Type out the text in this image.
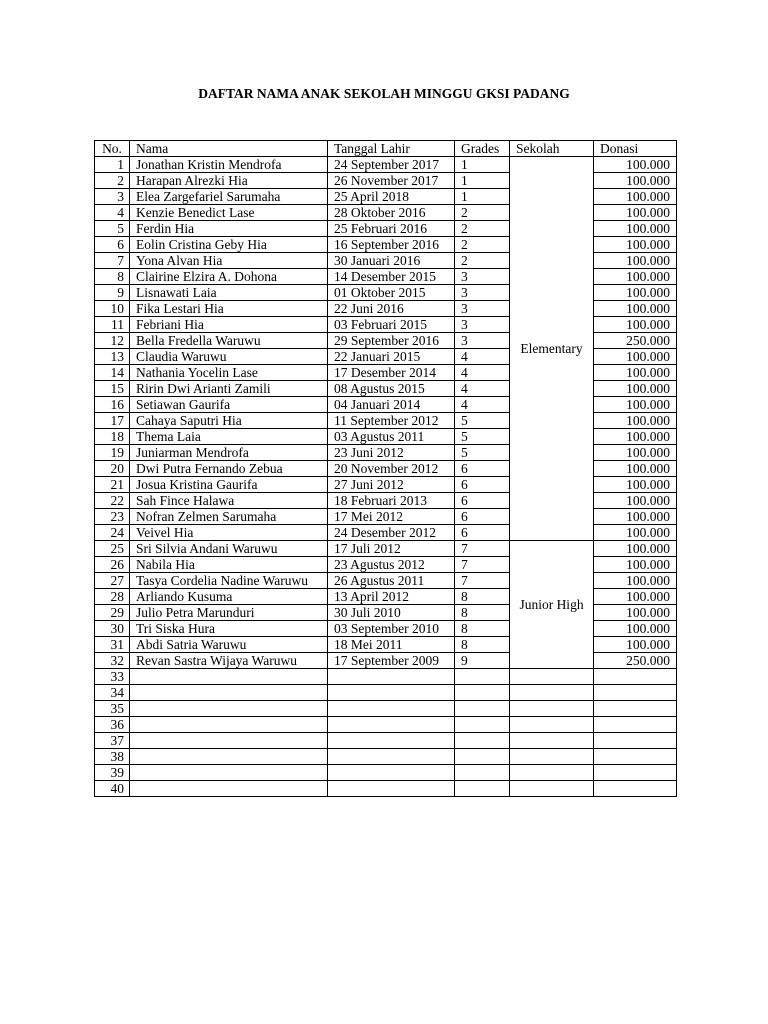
DAFTAR NAMA ANAK SEKOLAH MINGGU GKSI PADANG
No.	Nama	Tanggal Lahir	Grades	Sekolah	Donasi
1	Jonathan Kristin Mendrofa	24 September 2017	1	Elementary	100.000
2	Harapan Alrezki Hia	26 November 2017	1		100.000
3	Elea Zargefariel Sarumaha	25 April 2018	1		100.000
4	Kenzie Benedict Lase	28 Oktober 2016	2		100.000
5	Ferdin Hia	25 Februari 2016	2		100.000
6	Eolin Cristina Geby Hia	16 September 2016	2		100.000
7	Yona Alvan Hia	30 Januari 2016	2		100.000
8	Clairine Elzira A. Dohona	14 Desember 2015	3		100.000
9	Lisnawati Laia	01 Oktober 2015	3		100.000
10	Fika Lestari Hia	22 Juni 2016	3		100.000
11	Febriani Hia	03 Februari 2015	3		100.000
12	Bella Fredella Waruwu	29 September 2016	3		250.000
13	Claudia Waruwu	22 Januari 2015	4		100.000
14	Nathania Yocelin Lase	17 Desember 2014	4		100.000
15	Ririn Dwi Arianti Zamili	08 Agustus 2015	4		100.000
16	Setiawan Gaurifa	04 Januari 2014	4		100.000
17	Cahaya Saputri Hia	11 September 2012	5		100.000
18	Thema Laia	03 Agustus 2011	5		100.000
19	Juniarman Mendrofa	23 Juni 2012	5		100.000
20	Dwi Putra Fernando Zebua	20 November 2012	6		100.000
21	Josua Kristina Gaurifa	27 Juni 2012	6		100.000
22	Sah Fince Halawa	18 Februari 2013	6		100.000
23	Nofran Zelmen Sarumaha	17 Mei 2012	6		100.000
24	Veivel Hia	24 Desember 2012	6		100.000
25	Sri Silvia Andani Waruwu	17 Juli 2012	7	Junior High	100.000
26	Nabila Hia	23 Agustus 2012	7		100.000
27	Tasya Cordelia Nadine Waruwu	26 Agustus 2011	7		100.000
28	Arliando Kusuma	13 April 2012	8		100.000
29	Julio Petra Marunduri	30 Juli 2010	8		100.000
30	Tri Siska Hura	03 September 2010	8		100.000
31	Abdi Satria Waruwu	18 Mei 2011	8		100.000
32	Revan Sastra Wijaya Waruwu	17 September 2009	9		250.000
33					
34					
35					
36					
37					
38					
39					
40					
